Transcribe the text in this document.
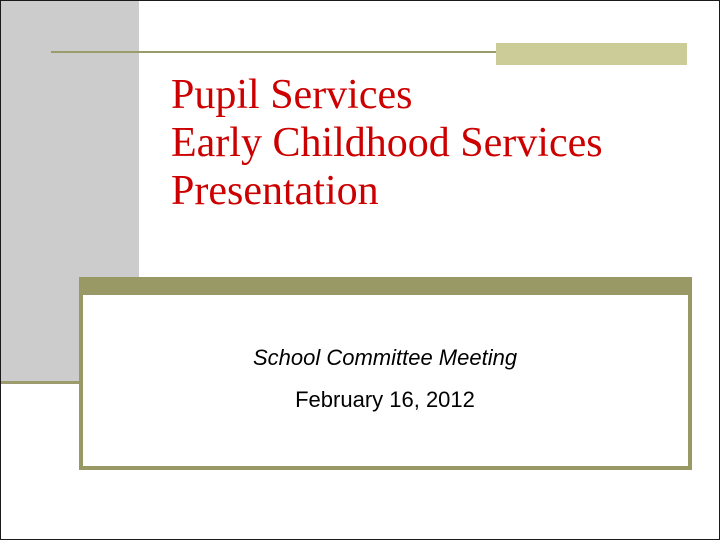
Pupil Services
Early Childhood Services
Presentation

School Committee Meeting

February 16, 2012
